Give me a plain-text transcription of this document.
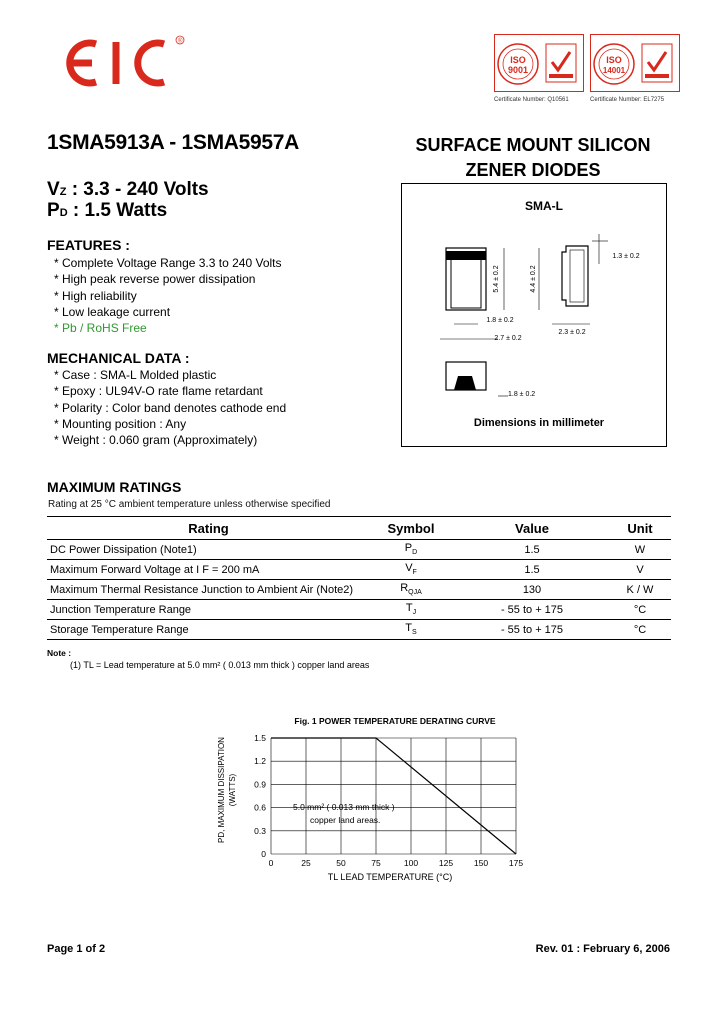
®
ISO
9001
Certificate Number: Q10561
ISO
14001
Certificate Number: EL7275
1SMA5913A - 1SMA5957A
VZ : 3.3 - 240 Volts
PD : 1.5 Watts
SURFACE MOUNT SILICON
ZENER DIODES
SMA-L
5.4 ± 0.2	4.4 ± 0.2
1.8 ± 0.2
2.7 ± 0.2
1.3 ± 0.2
2.3 ± 0.2
1.8 ± 0.2
Dimensions in millimeter
FEATURES :
* Complete Voltage Range 3.3 to 240 Volts
* High peak reverse power dissipation
* High reliability
* Low leakage current
* Pb / RoHS Free
MECHANICAL DATA :
* Case : SMA-L Molded plastic
* Epoxy : UL94V-O rate flame retardant
* Polarity : Color band denotes cathode end
* Mounting position : Any
* Weight : 0.060 gram (Approximately)
MAXIMUM RATINGS
Rating at 25 °C ambient temperature unless otherwise specified
Rating	Symbol	Value	Unit
DC Power Dissipation (Note1)	$P_D$	1.5	W
Maximum Forward Voltage at I F = 200 mA	$V_F$	1.5	V
Maximum Thermal Resistance Junction to Ambient Air (Note2)	$R_{QJA}$	130	K / W
Junction Temperature Range	$T_J$	- 55 to + 175	°C
Storage Temperature Range	$T_S$	- 55 to + 175	°C
Note :
(1) TL = Lead temperature at 5.0 mm² ( 0.013 mm thick ) copper land areas
Fig. 1 POWER TEMPERATURE DERATING CURVE
PD, MAXIMUM DISSIPATION (WATTS)
0
0.3
0.6
0.9
1.2
1.5
0	25	50	75	100 125 150 175
5.0 mm² ( 0.013 mm thick )
copper land areas.
TL LEAD TEMPERATURE (°C)
Page 1 of 2	Rev. 01 : February 6, 2006
